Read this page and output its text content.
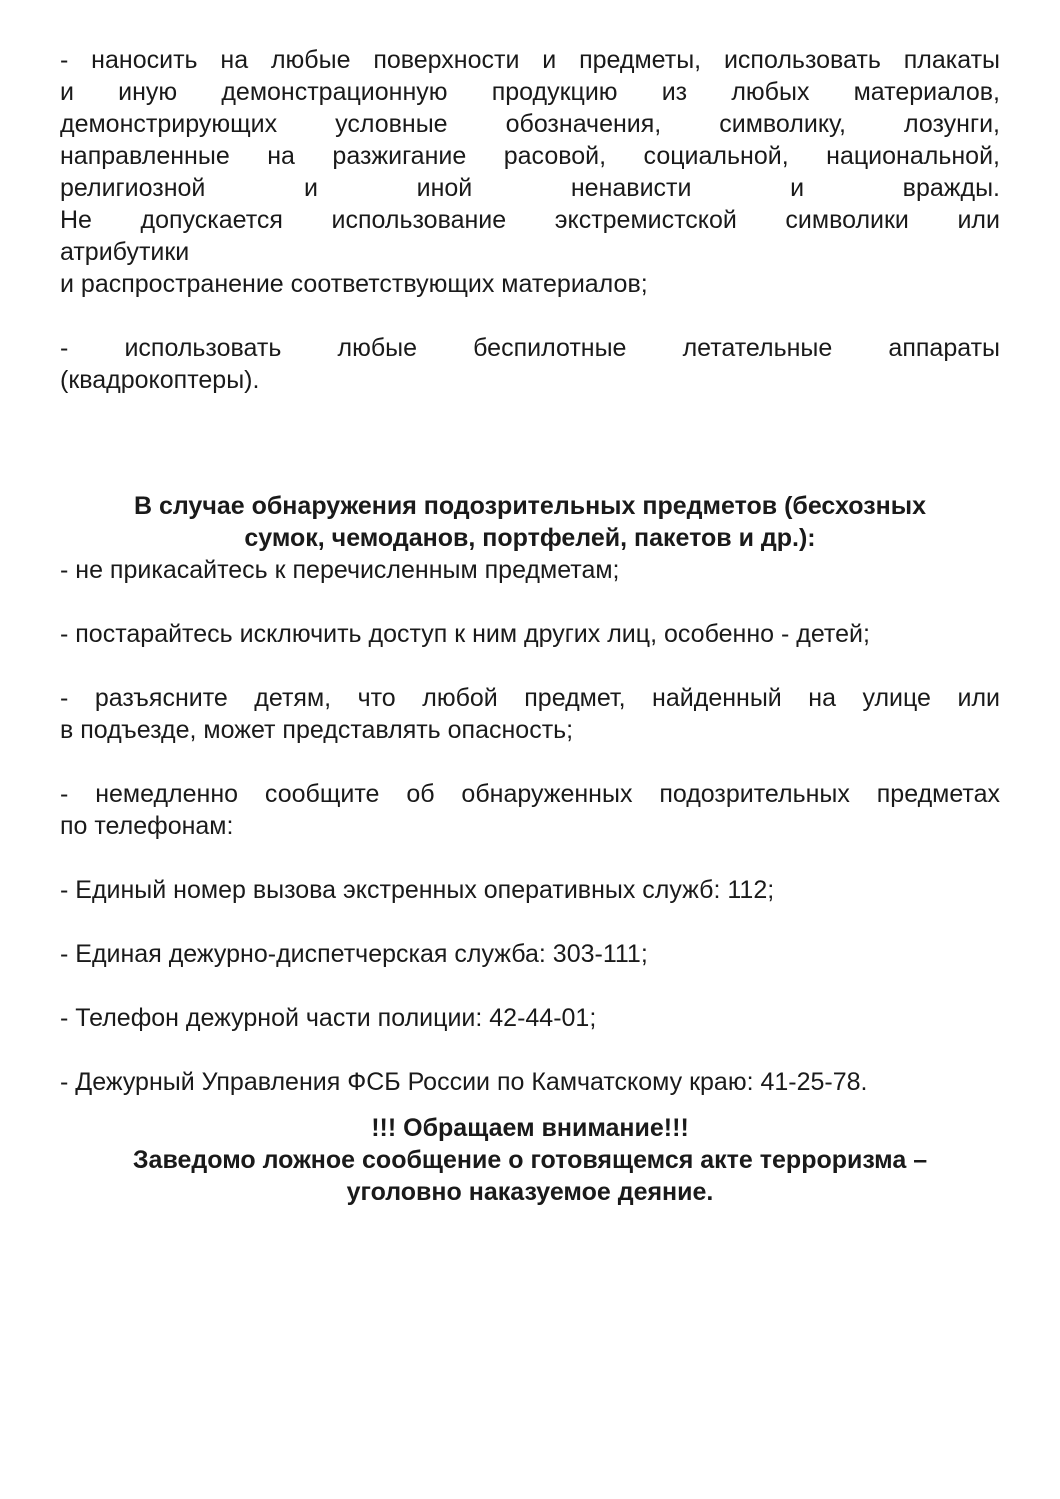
- наносить на любые поверхности и предметы, использовать плакаты
и иную демонстрационную продукцию из любых материалов,
демонстрирующих условные обозначения, символику, лозунги,
направленные на разжигание расовой, социальной, национальной,
религиозной и иной ненависти и вражды.
Не допускается использование экстремистской символики или
атрибутики
и распространение соответствующих материалов;
- использовать любые беспилотные летательные аппараты
(квадрокоптеры).
В случае обнаружения подозрительных предметов (бесхозных
сумок, чемоданов, портфелей, пакетов и др.):
- не прикасайтесь к перечисленным предметам;
- постарайтесь исключить доступ к ним других лиц, особенно - детей;
- разъясните детям, что любой предмет, найденный на улице или
в подъезде, может представлять опасность;
- немедленно сообщите об обнаруженных подозрительных предметах
по телефонам:
- Единый номер вызова экстренных оперативных служб: 112;
- Единая дежурно-диспетчерская служба: 303-111;
- Телефон дежурной части полиции: 42-44-01;
- Дежурный Управления ФСБ России по Камчатскому краю: 41-25-78.
!!! Обращаем внимание!!!
Заведомо ложное сообщение о готовящемся акте терроризма –
уголовно наказуемое деяние.
